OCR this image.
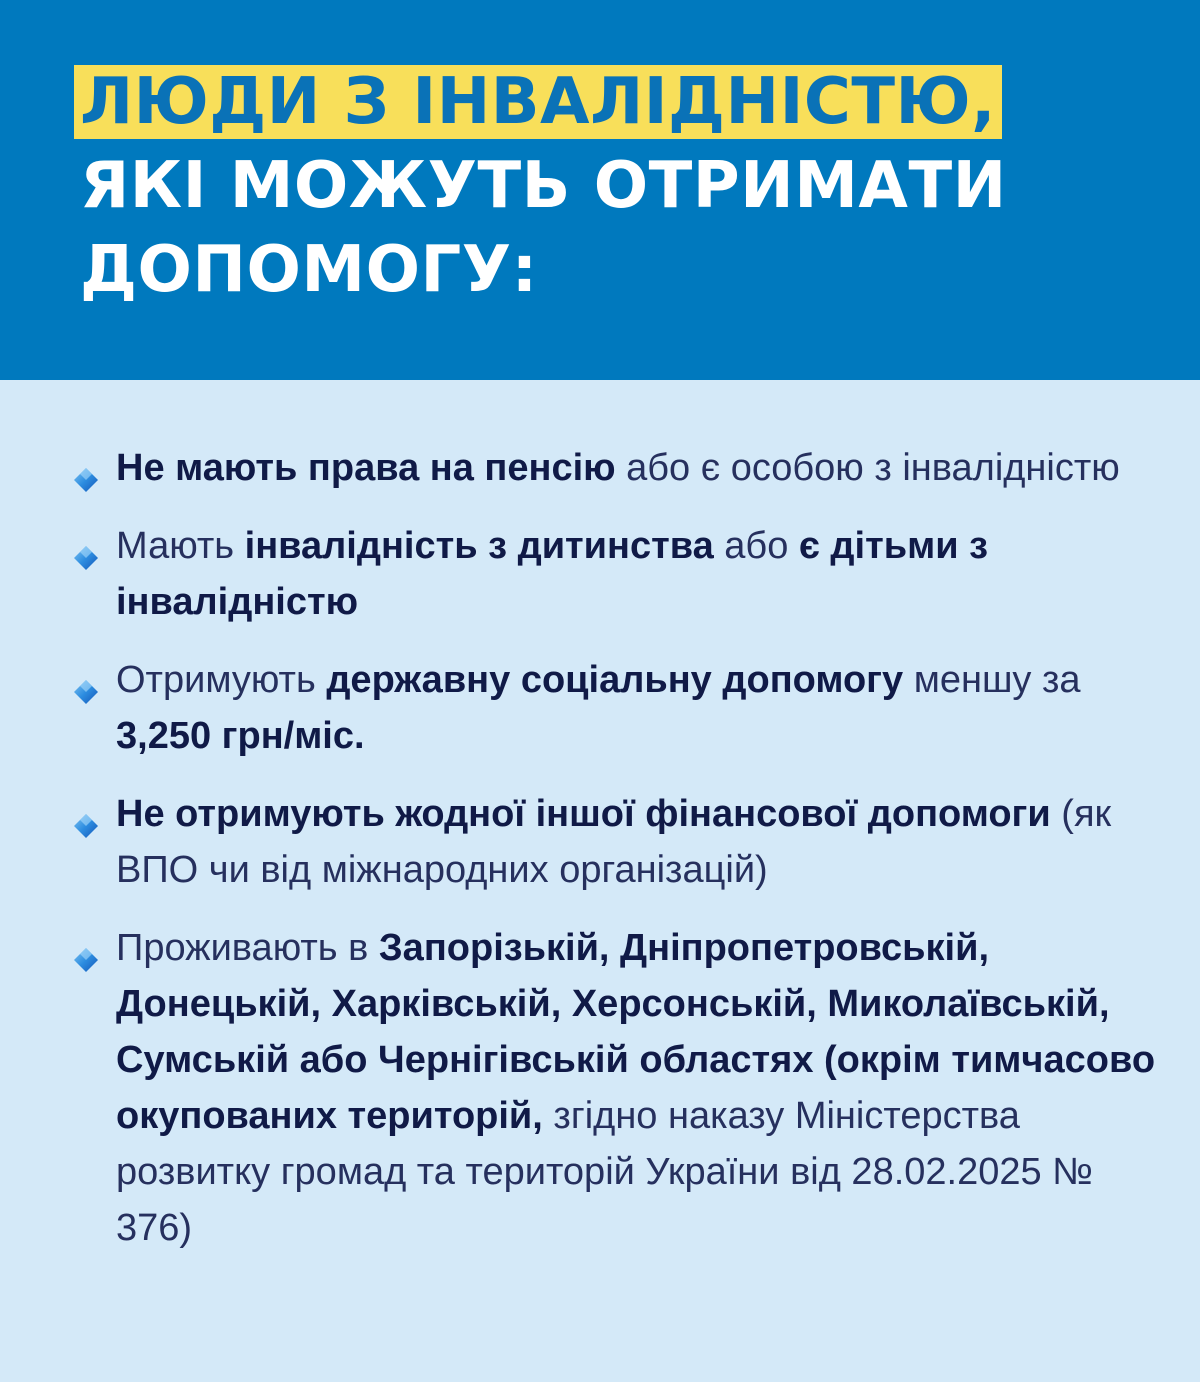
ЛЮДИ З ІНВАЛІДНІСТЮ, ЯКІ МОЖУТЬ ОТРИМАТИ ДОПОМОГУ:
Не мають права на пенсію або є особою з інвалідністю
Мають інвалідність з дитинства або є дітьми з інвалідністю
Отримують державну соціальну допомогу меншу за 3,250 грн/міс.
Не отримують жодної іншої фінансової допомоги (як ВПО чи від міжнародних організацій)
Проживають в Запорізькій, Дніпропетровській, Донецькій, Харківській, Херсонській, Миколаївській, Сумській або Чернігівській областях (окрім тимчасово окупованих територій, згідно наказу Міністерства розвитку громад та територій України від 28.02.2025 № 376)
